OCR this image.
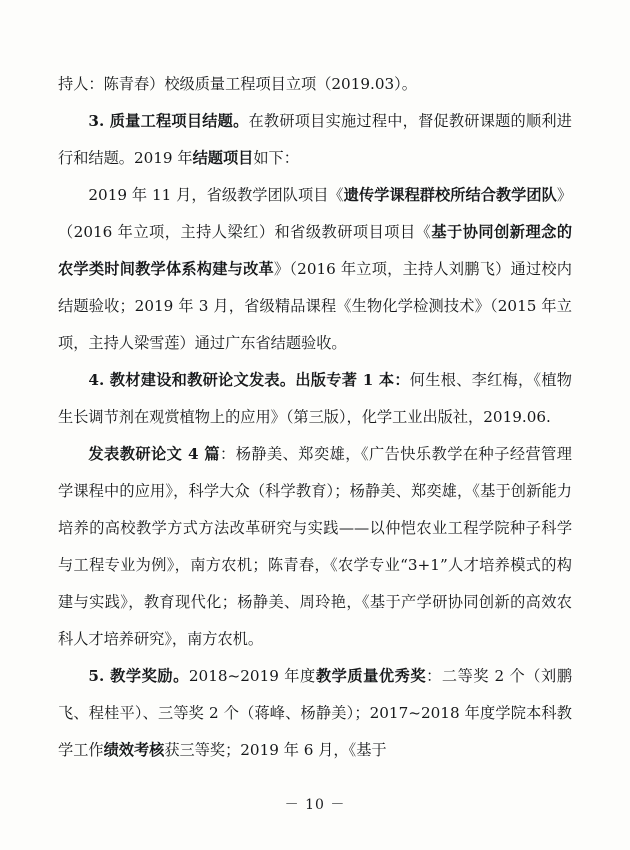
持人：陈青春）校级质量工程项目立项（2019.03）。

3. 质量工程项目结题。在教研项目实施过程中，督促教研课题的顺利进行和结题。2019 年结题项目如下：

2019 年 11 月，省级教学团队项目《遗传学课程群校所结合教学团队》（2016 年立项，主持人梁红）和省级教研项目项目《基于协同创新理念的农学类时间教学体系构建与改革》（2016 年立项，主持人刘鹏飞）通过校内结题验收；2019 年 3 月，省级精品课程《生物化学检测技术》（2015 年立项，主持人梁雪莲）通过广东省结题验收。

4. 教材建设和教研论文发表。出版专著 1 本：何生根、李红梅，《植物生长调节剂在观赏植物上的应用》（第三版），化学工业出版社，2019.06.

发表教研论文 4 篇：杨静美、郑奕雄，《广告快乐教学在种子经营管理学课程中的应用》，科学大众（科学教育）；杨静美、郑奕雄，《基于创新能力培养的高校教学方式方法改革研究与实践——以仲恺农业工程学院种子科学与工程专业为例》，南方农机；陈青春，《农学专业“3+1”人才培养模式的构建与实践》，教育现代化；杨静美、周玲艳，《基于产学研协同创新的高效农科人才培养研究》，南方农机。

5. 教学奖励。2018~2019 年度教学质量优秀奖：二等奖 2 个（刘鹏飞、程桂平）、三等奖 2 个（蒋峰、杨静美）；2017~2018 年度学院本科教学工作绩效考核获三等奖；2019 年 6 月，《基于

－ 10 －
